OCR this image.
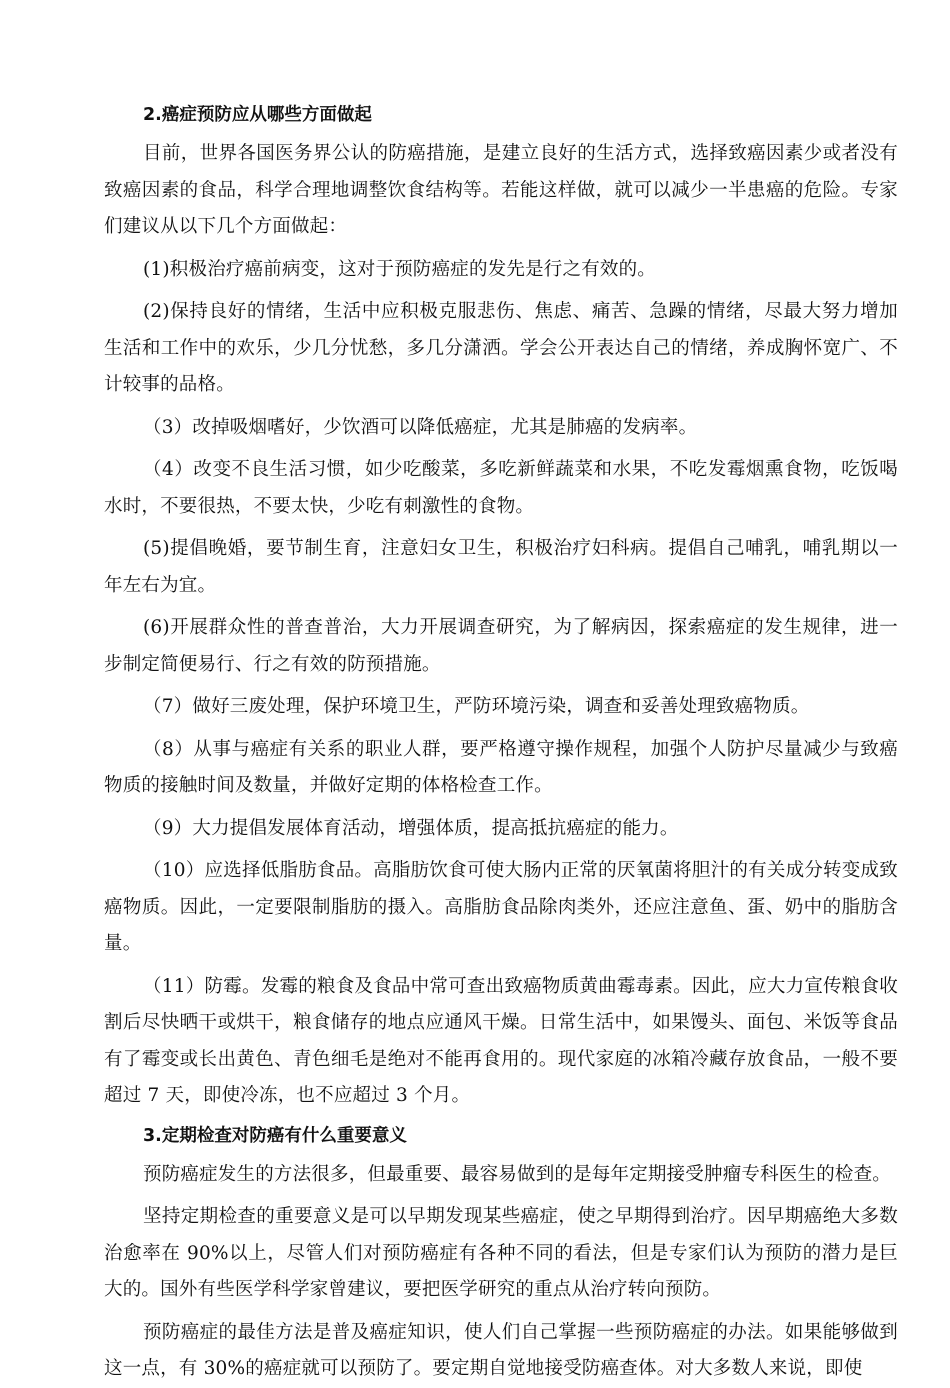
2.癌症预防应从哪些方面做起

目前，世界各国医务界公认的防癌措施，是建立良好的生活方式，选择致癌因素少或者没有致癌因素的食品，科学合理地调整饮食结构等。若能这样做，就可以减少一半患癌的危险。专家们建议从以下几个方面做起：

(1)积极治疗癌前病变，这对于预防癌症的发先是行之有效的。

(2)保持良好的情绪，生活中应积极克服悲伤、焦虑、痛苦、急躁的情绪，尽最大努力增加生活和工作中的欢乐，少几分忧愁，多几分潇洒。学会公开表达自己的情绪，养成胸怀宽广、不计较事的品格。

（3）改掉吸烟嗜好，少饮酒可以降低癌症，尤其是肺癌的发病率。

（4）改变不良生活习惯，如少吃酸菜，多吃新鲜蔬菜和水果，不吃发霉烟熏食物，吃饭喝水时，不要很热，不要太快，少吃有刺激性的食物。

(5)提倡晚婚，要节制生育，注意妇女卫生，积极治疗妇科病。提倡自己哺乳，哺乳期以一年左右为宜。

(6)开展群众性的普查普治，大力开展调查研究，为了解病因，探索癌症的发生规律，进一步制定简便易行、行之有效的防预措施。

（7）做好三废处理，保护环境卫生，严防环境污染，调查和妥善处理致癌物质。

（8）从事与癌症有关系的职业人群，要严格遵守操作规程，加强个人防护尽量减少与致癌物质的接触时间及数量，并做好定期的体格检查工作。

（9）大力提倡发展体育活动，增强体质，提高抵抗癌症的能力。

（10）应选择低脂肪食品。高脂肪饮食可使大肠内正常的厌氧菌将胆汁的有关成分转变成致癌物质。因此，一定要限制脂肪的摄入。高脂肪食品除肉类外，还应注意鱼、蛋、奶中的脂肪含量。

（11）防霉。发霉的粮食及食品中常可查出致癌物质黄曲霉毒素。因此，应大力宣传粮食收割后尽快晒干或烘干，粮食储存的地点应通风干燥。日常生活中，如果馒头、面包、米饭等食品有了霉变或长出黄色、青色细毛是绝对不能再食用的。现代家庭的冰箱冷藏存放食品，一般不要超过 7 天，即使冷冻，也不应超过 3 个月。

3.定期检查对防癌有什么重要意义

预防癌症发生的方法很多，但最重要、最容易做到的是每年定期接受肿瘤专科医生的检查。

坚持定期检查的重要意义是可以早期发现某些癌症，使之早期得到治疗。因早期癌绝大多数治愈率在 90%以上，尽管人们对预防癌症有各种不同的看法，但是专家们认为预防的潜力是巨大的。国外有些医学科学家曾建议，要把医学研究的重点从治疗转向预防。

预防癌症的最佳方法是普及癌症知识，使人们自己掌握一些预防癌症的办法。如果能够做到这一点，有 30%的癌症就可以预防了。要定期自觉地接受防癌查体。对大多数人来说，即使
